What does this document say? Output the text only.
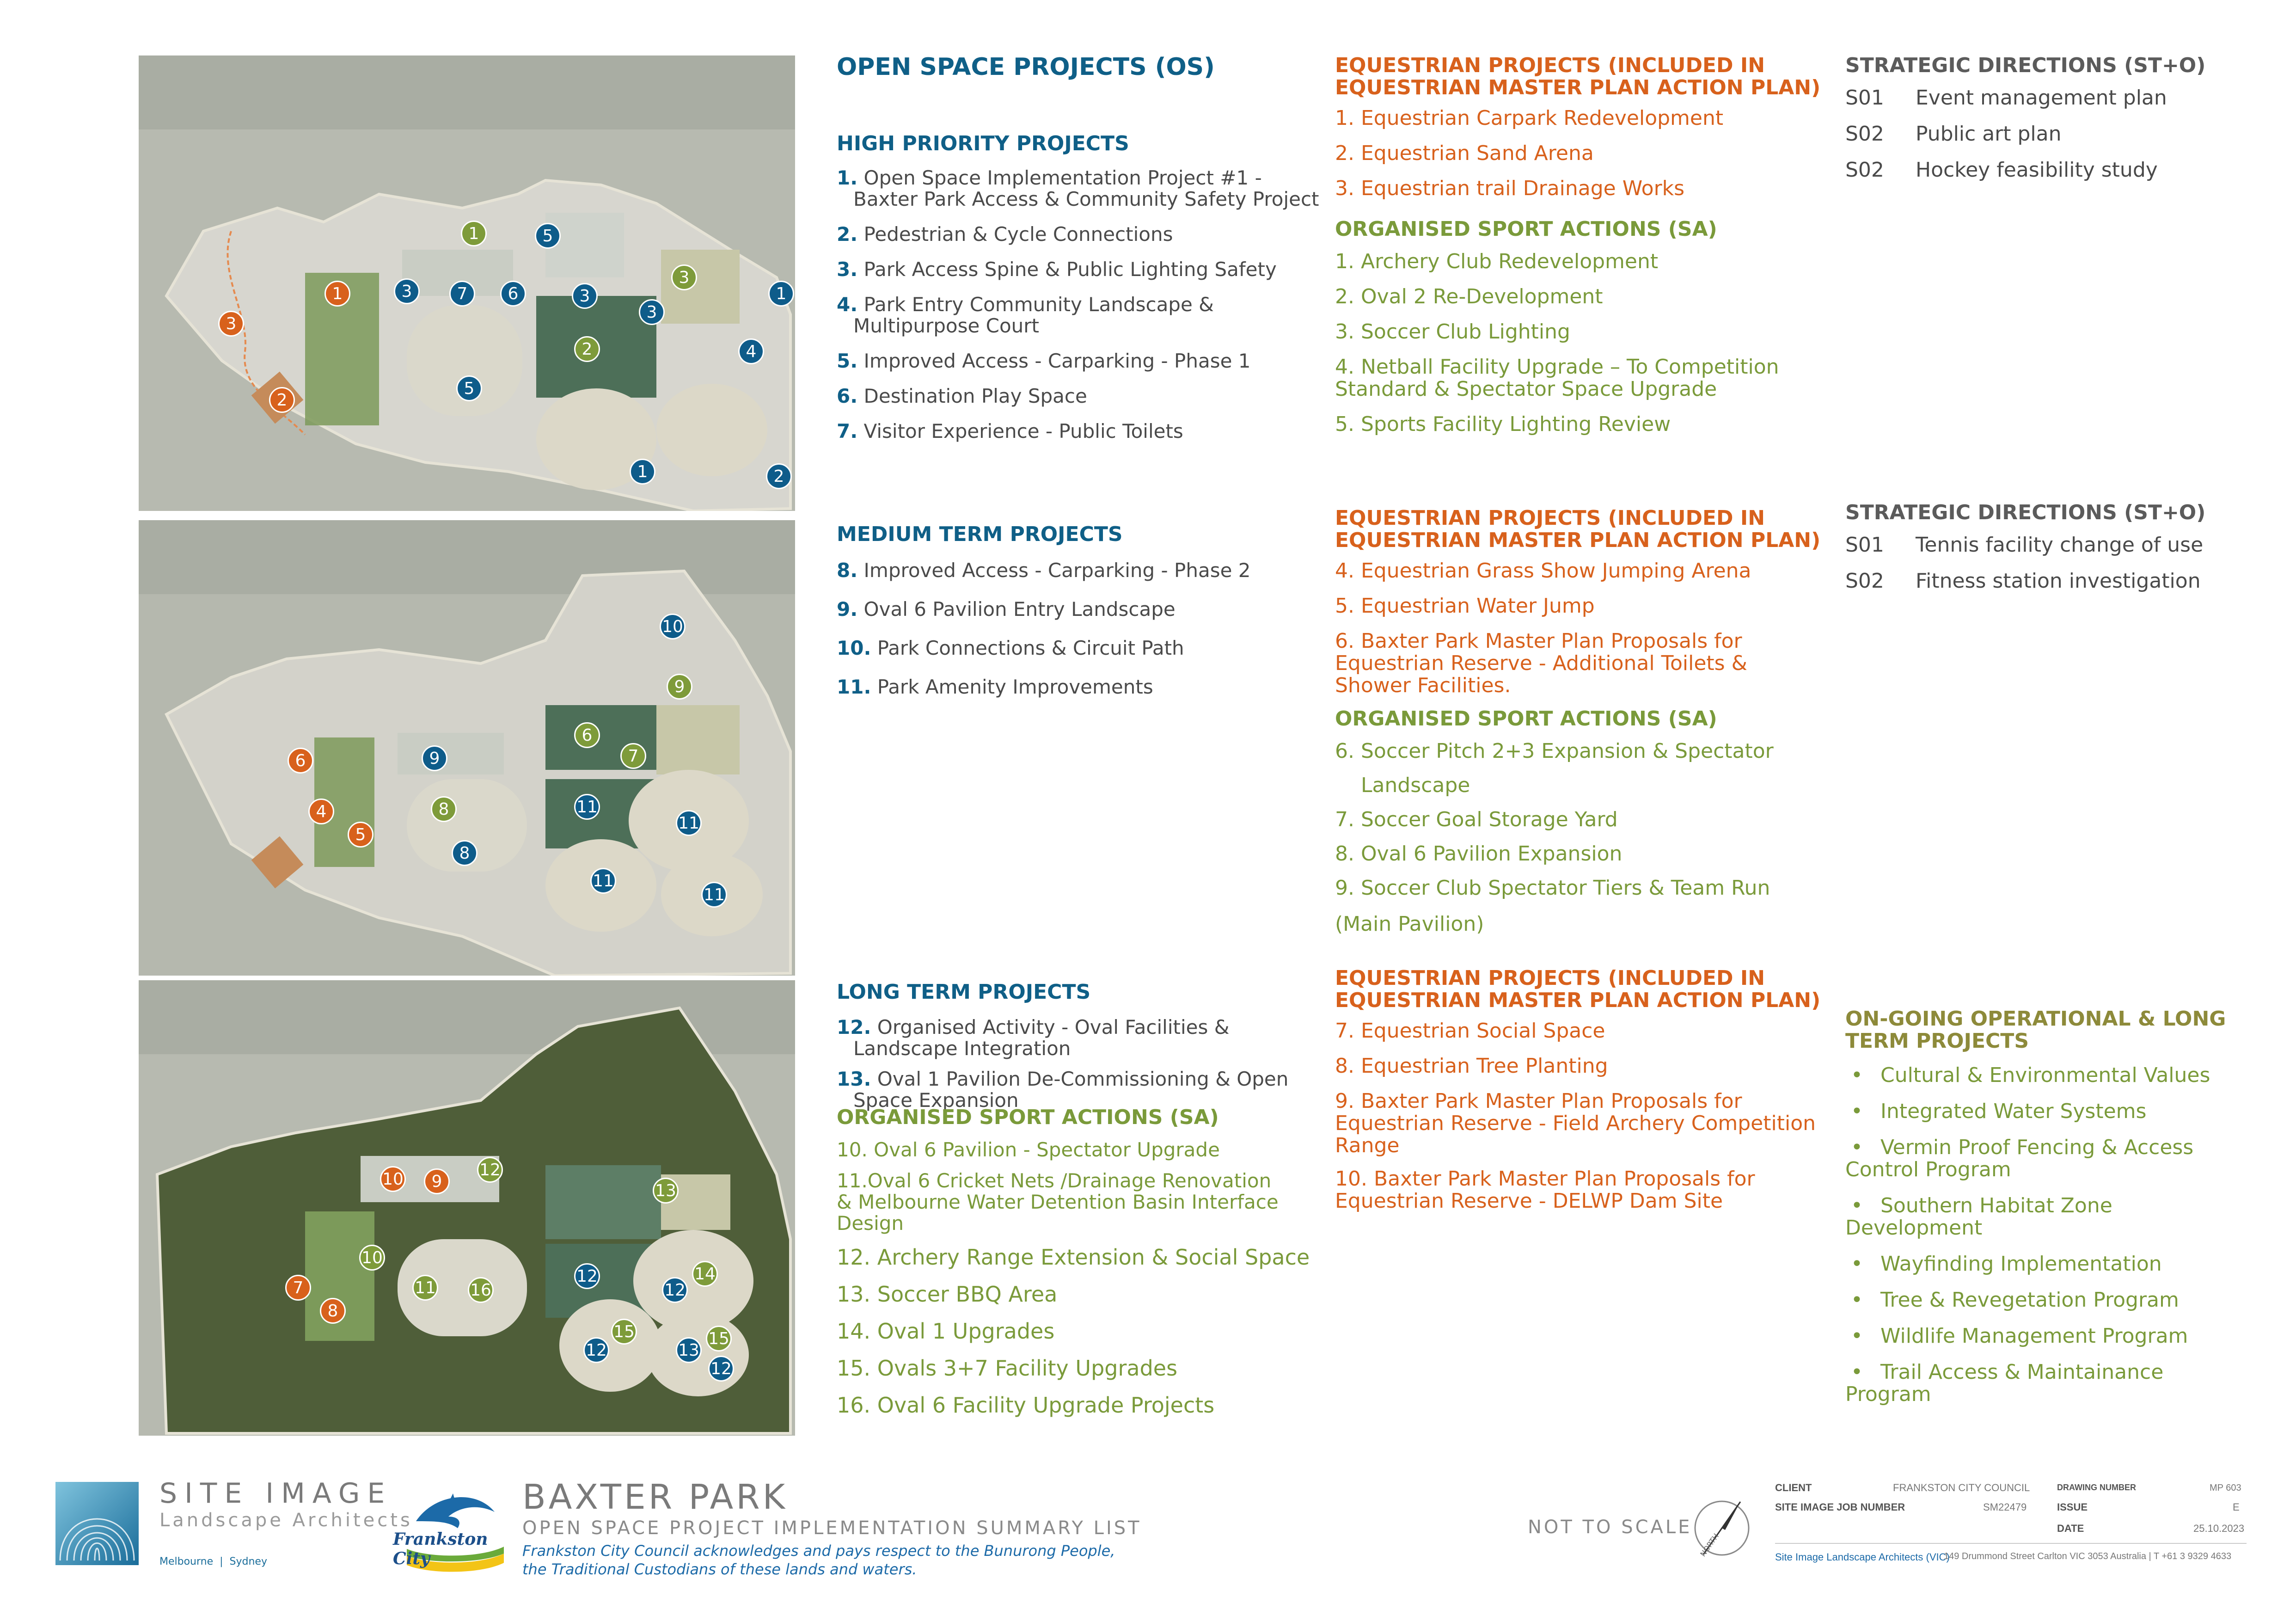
1	5
3
1	3	7	6	3
3
1
3
2	4
5
2
1	2
10
9
6
7
6	9
11
11
4	8
5
8
11
11
12
10	9	13
10
12	14
11 16	12
7
8
15	15
12	13
12
OPEN SPACE PROJECTS (OS)
HIGH PRIORITY PROJECTS
1. Open Space Implementation Project #1 -
Baxter Park Access & Community Safety Project
2. Pedestrian & Cycle Connections
3. Park Access Spine & Public Lighting Safety
4. Park Entry Community Landscape &
Multipurpose Court
5. Improved Access - Carparking - Phase 1
6. Destination Play Space
7. Visitor Experience - Public Toilets
MEDIUM TERM PROJECTS
8. Improved Access - Carparking - Phase 2
9. Oval 6 Pavilion Entry Landscape
10. Park Connections & Circuit Path
11. Park Amenity Improvements
LONG TERM PROJECTS
12. Organised Activity - Oval Facilities &
Landscape Integration
13. Oval 1 Pavilion De-Commissioning & Open
Space Expansion
ORGANISED SPORT ACTIONS (SA)
10. Oval 6 Pavilion - Spectator Upgrade
11.Oval 6 Cricket Nets /Drainage Renovation
& Melbourne Water Detention Basin Interface
Design
12. Archery Range Extension & Social Space
13. Soccer BBQ Area
14. Oval 1 Upgrades
15. Ovals 3+7 Facility Upgrades
16. Oval 6 Facility Upgrade Projects
EQUESTRIAN PROJECTS (INCLUDED IN
EQUESTRIAN MASTER PLAN ACTION PLAN)
1. Equestrian Carpark Redevelopment
2. Equestrian Sand Arena
3. Equestrian trail Drainage Works
ORGANISED SPORT ACTIONS (SA)
1. Archery Club Redevelopment
2. Oval 2 Re-Development
3. Soccer Club Lighting
4. Netball Facility Upgrade – To Competition
Standard & Spectator Space Upgrade
5. Sports Facility Lighting Review
EQUESTRIAN PROJECTS (INCLUDED IN
EQUESTRIAN MASTER PLAN ACTION PLAN)
4. Equestrian Grass Show Jumping Arena
5. Equestrian Water Jump
6. Baxter Park Master Plan Proposals for
Equestrian Reserve - Additional Toilets &
Shower Facilities.
ORGANISED SPORT ACTIONS (SA)
6. Soccer Pitch 2+3 Expansion & Spectator
Landscape
7. Soccer Goal Storage Yard
8. Oval 6 Pavilion Expansion
9. Soccer Club Spectator Tiers & Team Run
(Main Pavilion)
EQUESTRIAN PROJECTS (INCLUDED IN
EQUESTRIAN MASTER PLAN ACTION PLAN)
7. Equestrian Social Space
8. Equestrian Tree Planting
9. Baxter Park Master Plan Proposals for
Equestrian Reserve - Field Archery Competition
Range
10. Baxter Park Master Plan Proposals for
Equestrian Reserve - DELWP Dam Site
STRATEGIC DIRECTIONS (ST+O)
S01	Event management plan
S02	Public art plan
S02	Hockey feasibility study
STRATEGIC DIRECTIONS (ST+O)
S01	Tennis facility change of use
S02	Fitness station investigation
ON-GOING OPERATIONAL & LONG
TERM PROJECTS
• Cultural & Environmental Values
• Integrated Water Systems
• Vermin Proof Fencing & Access
Control Program
• Southern Habitat Zone
Development
• Wayfinding Implementation
• Tree & Revegetation Program
• Wildlife Management Program
• Trail Access & Maintainance
Program
SITE IMAGE
Landscape Architects
Melbourne  |  Sydney
Frankston City
BAXTER PARK
OPEN SPACE PROJECT IMPLEMENTATION SUMMARY LIST
Frankston City Council acknowledges and pays respect to the Bunurong People,
the Traditional Custodians of these lands and waters.
NOT TO SCALE
NORTH
CLIENT	FRANKSTON CITY COUNCIL
SITE IMAGE JOB NUMBER	SM22479
DRAWING NUMBER	MP 603
ISSUE	E
DATE	25.10.2023
Site Image Landscape Architects (VIC)
149 Drummond Street Carlton VIC 3053 Australia | T +61 3 9329 4633
